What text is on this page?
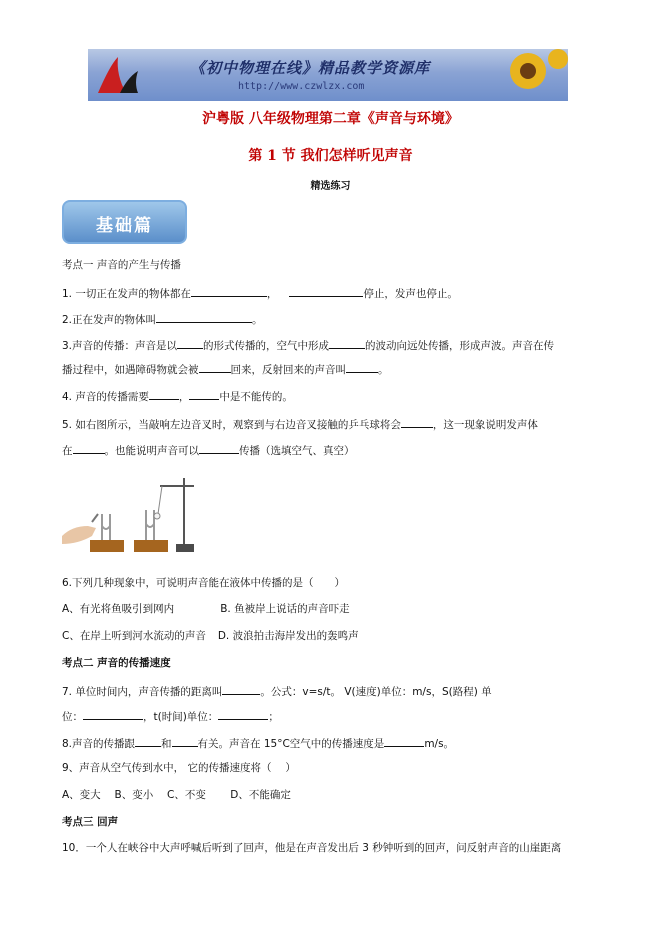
《初中物理在线》精品教学资源库
http://www.czwlzx.com
沪粤版 八年级物理第二章《声音与环境》
第 1 节 我们怎样听见声音
精选练习
基础篇
考点一 声音的产生与传播
1. 一切正在发声的物体都在	，	停止，发声也停止。
2.正在发声的物体叫	。
3.声音的传播：声音是以 的形式传播的，空气中形成	的波动向远处传播，形成声波。声音在传
播过程中，如遇障碍物就会被	回来，反射回来的声音叫	。
4. 声音的传播需要	，	中是不能传的。
5. 如右图所示，当敲响左边音叉时，观察到与右边音叉接触的乒乓球将会	，这一现象说明发声体
在	。也能说明声音可以	传播（选填空气、真空）
6.下列几种现象中，可说明声音能在液体中传播的是（　　）
A、有光将鱼吸引到网内	B. 鱼被岸上说话的声音吓走
C、在岸上听到河水流动的声音 D. 波浪拍击海岸发出的轰鸣声
考点二 声音的传播速度
7. 单位时间内，声音传播的距离叫	。公式：v=s/t。 V(速度)单位：m/s，S(路程) 单
位：	，t(时间)单位：	；
8.声音的传播跟 和 有关。声音在 15°C空气中的传播速度是	m/s。
9、声音从空气传到水中， 它的传播速度将（　 ）
A、变大　 B、变小　 C、不变　　 D、不能确定
考点三 回声
10．一个人在峡谷中大声呼喊后听到了回声，他是在声音发出后 3 秒钟听到的回声，问反射声音的山崖距离
